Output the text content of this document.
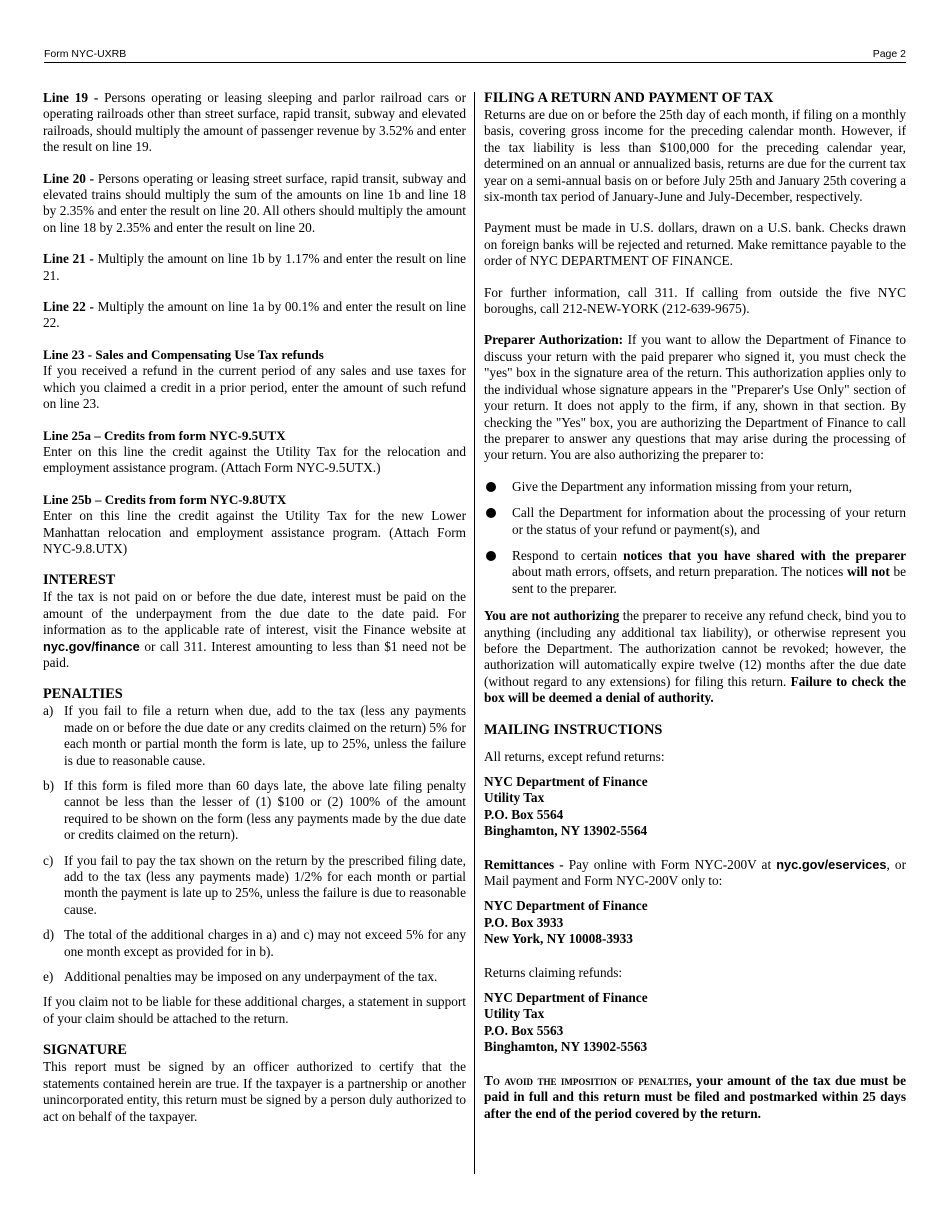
Form NYC-UXRB	Page 2

Line 19 - Persons operating or leasing sleeping and parlor railroad cars or operating railroads other than street surface, rapid transit, subway and elevated railroads, should multiply the amount of passenger revenue by 3.52% and enter the result on line 19.

Line 20 - Persons operating or leasing street surface, rapid transit, subway and elevated trains should multiply the sum of the amounts on line 1b and line 18 by 2.35% and enter the result on line 20. All others should multiply the amount on line 18 by 2.35% and enter the result on line 20.

Line 21 - Multiply the amount on line 1b by 1.17% and enter the result on line 21.

Line 22 - Multiply the amount on line 1a by 00.1% and enter the result on line 22.

Line 23 - Sales and Compensating Use Tax refunds

If you received a refund in the current period of any sales and use taxes for which you claimed a credit in a prior period, enter the amount of such refund on line 23.

Line 25a – Credits from form NYC-9.5UTX

Enter on this line the credit against the Utility Tax for the relocation and employment assistance program. (Attach Form NYC-9.5UTX.)

Line 25b – Credits from form NYC-9.8UTX

Enter on this line the credit against the Utility Tax for the new Lower Manhattan relocation and employment assistance program. (Attach Form NYC-9.8.UTX)

INTEREST

If the tax is not paid on or before the due date, interest must be paid on the amount of the underpayment from the due date to the date paid. For information as to the applicable rate of interest, visit the Finance website at nyc.gov/finance or call 311. Interest amounting to less than $1 need not be paid.

PENALTIES
a) If you fail to file a return when due, add to the tax (less any payments made on or before the due date or any credits claimed on the return) 5% for each month or partial month the form is late, up to 25%, unless the failure is due to reasonable cause.
b) If this form is filed more than 60 days late, the above late filing penalty cannot be less than the lesser of (1) $100 or (2) 100% of the amount required to be shown on the form (less any payments made by the due date or credits claimed on the return).
c) If you fail to pay the tax shown on the return by the prescribed filing date, add to the tax (less any payments made) 1/2% for each month or partial month the payment is late up to 25%, unless the failure is due to reasonable cause.
d) The total of the additional charges in a) and c) may not exceed 5% for any one month except as provided for in b).
e) Additional penalties may be imposed on any underpayment of the tax.

If you claim not to be liable for these additional charges, a statement in support of your claim should be attached to the return.

SIGNATURE

This report must be signed by an officer authorized to certify that the statements contained herein are true. If the taxpayer is a partnership or another unincorporated entity, this return must be signed by a person duly authorized to act on behalf of the taxpayer.

FILING A RETURN AND PAYMENT OF TAX

Returns are due on or before the 25th day of each month, if filing on a monthly basis, covering gross income for the preceding calendar month. However, if the tax liability is less than $100,000 for the preceding calendar year, determined on an annual or annualized basis, returns are due for the current tax year on a semi-annual basis on or before July 25th and January 25th covering a six-month tax period of January-June and July-December, respectively.

Payment must be made in U.S. dollars, drawn on a U.S. bank. Checks drawn on foreign banks will be rejected and returned. Make remittance payable to the order of NYC DEPARTMENT OF FINANCE.

For further information, call 311. If calling from outside the five NYC boroughs, call 212-NEW-YORK (212-639-9675).

Preparer Authorization: If you want to allow the Department of Finance to discuss your return with the paid preparer who signed it, you must check the "yes" box in the signature area of the return. This authorization applies only to the individual whose signature appears in the "Preparer's Use Only" section of your return. It does not apply to the firm, if any, shown in that section. By checking the "Yes" box, you are authorizing the Department of Finance to call the preparer to answer any questions that may arise during the processing of your return. You are also authorizing the preparer to:

Give the Department any information missing from your return,
Call the Department for information about the processing of your return or the status of your refund or payment(s), and
Respond to certain notices that you have shared with the preparer about math errors, offsets, and return preparation. The notices will not be sent to the preparer.

You are not authorizing the preparer to receive any refund check, bind you to anything (including any additional tax liability), or otherwise represent you before the Department. The authorization cannot be revoked; however, the authorization will automatically expire twelve (12) months after the due date (without regard to any extensions) for filing this return. Failure to check the box will be deemed a denial of authority.

MAILING INSTRUCTIONS

All returns, except refund returns:

NYC Department of Finance
Utility Tax
P.O. Box 5564
Binghamton, NY 13902-5564

Remittances - Pay online with Form NYC-200V at nyc.gov/eservices, or Mail payment and Form NYC-200V only to:

NYC Department of Finance
P.O. Box 3933
New York, NY 10008-3933

Returns claiming refunds:

NYC Department of Finance
Utility Tax
P.O. Box 5563
Binghamton, NY 13902-5563

To avoid the imposition of penalties, your amount of the tax due must be paid in full and this return must be filed and postmarked within 25 days after the end of the period covered by the return.
